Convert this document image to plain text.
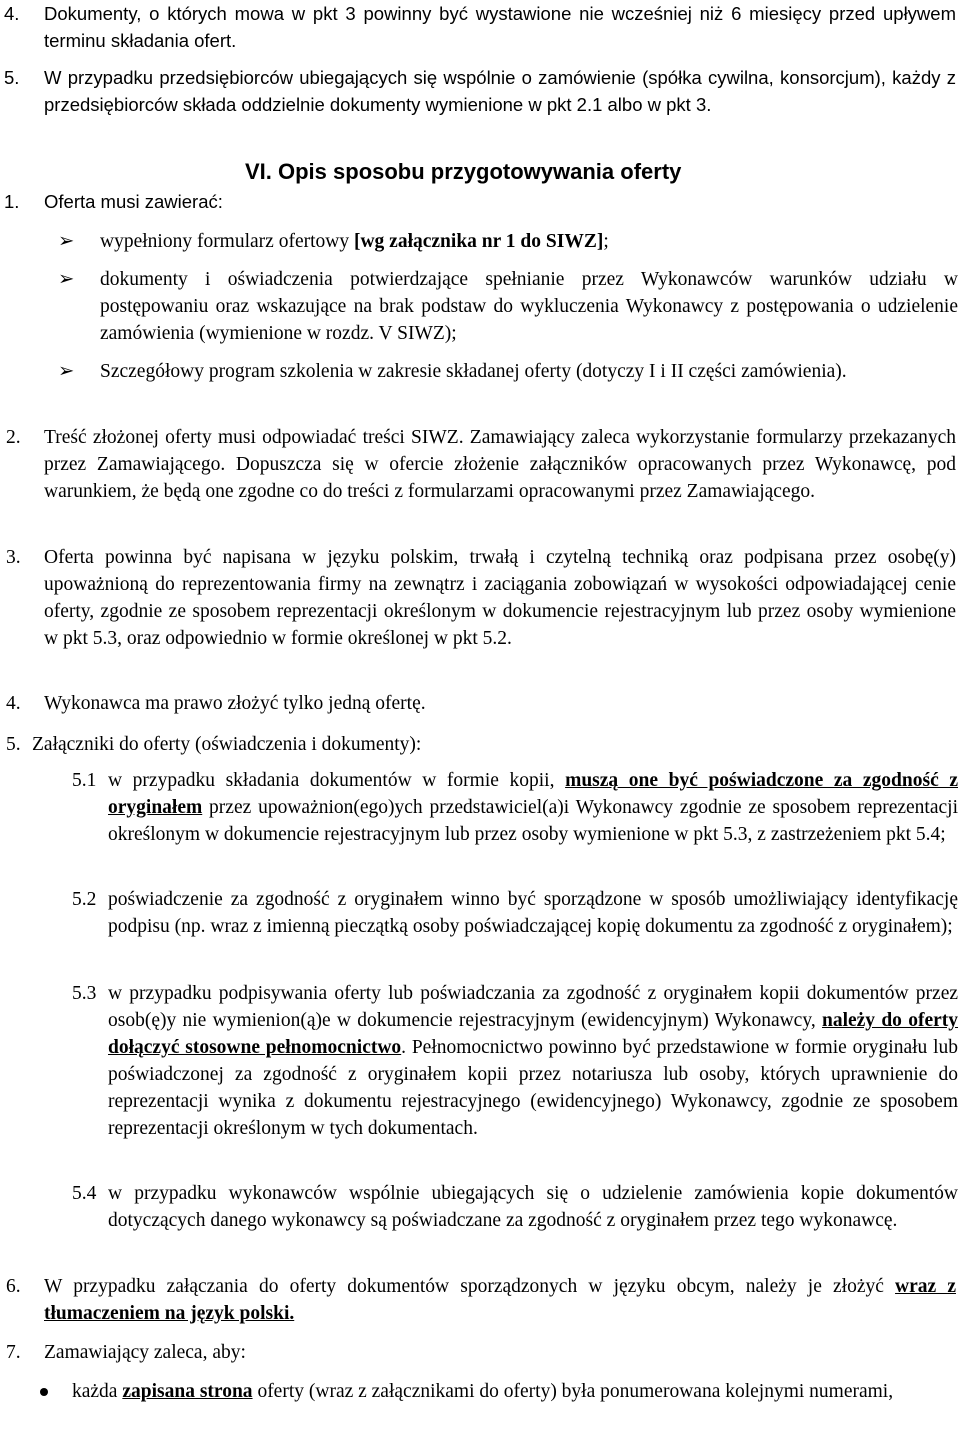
4. Dokumenty, o których mowa w pkt 3 powinny być wystawione nie wcześniej niż 6 miesięcy przed upływem terminu składania ofert.
5. W przypadku przedsiębiorców ubiegających się wspólnie o zamówienie (spółka cywilna, konsorcjum), każdy z przedsiębiorców składa oddzielnie dokumenty wymienione w pkt 2.1 albo w pkt 3.
VI. Opis sposobu przygotowywania oferty
1. Oferta musi zawierać:
➢ wypełniony formularz ofertowy [wg załącznika nr 1 do SIWZ];
➢ dokumenty i oświadczenia potwierdzające spełnianie przez Wykonawców warunków udziału w postępowaniu oraz wskazujące na brak podstaw do wykluczenia Wykonawcy z postępowania o udzielenie zamówienia (wymienione w rozdz. V SIWZ);
➢ Szczegółowy program szkolenia w zakresie składanej oferty (dotyczy I i II części zamówienia).
2. Treść złożonej oferty musi odpowiadać treści SIWZ. Zamawiający zaleca wykorzystanie formularzy przekazanych przez Zamawiającego. Dopuszcza się w ofercie złożenie załączników opracowanych przez Wykonawcę, pod warunkiem, że będą one zgodne co do treści z formularzami opracowanymi przez Zamawiającego.
3. Oferta powinna być napisana w języku polskim, trwałą i czytelną techniką oraz podpisana przez osobę(y) upoważnioną do reprezentowania firmy na zewnątrz i zaciągania zobowiązań w wysokości odpowiadającej cenie oferty, zgodnie ze sposobem reprezentacji określonym w dokumencie rejestracyjnym lub przez osoby wymienione w pkt 5.3, oraz odpowiednio w formie określonej w pkt 5.2.
4. Wykonawca ma prawo złożyć tylko jedną ofertę.
5. Załączniki do oferty (oświadczenia i dokumenty):
5.1 w przypadku składania dokumentów w formie kopii, muszą one być poświadczone za zgodność z oryginałem przez upoważnion(ego)ych przedstawiciel(a)i Wykonawcy zgodnie ze sposobem reprezentacji określonym w dokumencie rejestracyjnym lub przez osoby wymienione w pkt 5.3, z zastrzeżeniem pkt 5.4;
5.2 poświadczenie za zgodność z oryginałem winno być sporządzone w sposób umożliwiający identyfikację podpisu (np. wraz z imienną pieczątką osoby poświadczającej kopię dokumentu za zgodność z oryginałem);
5.3 w przypadku podpisywania oferty lub poświadczania za zgodność z oryginałem kopii dokumentów przez osob(ę)y nie wymienion(ą)e w dokumencie rejestracyjnym (ewidencyjnym) Wykonawcy, należy do oferty dołączyć stosowne pełnomocnictwo. Pełnomocnictwo powinno być przedstawione w formie oryginału lub poświadczonej za zgodność z oryginałem kopii przez notariusza lub osoby, których uprawnienie do reprezentacji wynika z dokumentu rejestracyjnego (ewidencyjnego) Wykonawcy, zgodnie ze sposobem reprezentacji określonym w tych dokumentach.
5.4 w przypadku wykonawców wspólnie ubiegających się o udzielenie zamówienia kopie dokumentów dotyczących danego wykonawcy są poświadczane za zgodność z oryginałem przez tego wykonawcę.
6. W przypadku załączania do oferty dokumentów sporządzonych w języku obcym, należy je złożyć wraz z tłumaczeniem na język polski.
7. Zamawiający zaleca, aby:
każda zapisana strona oferty (wraz z załącznikami do oferty) była ponumerowana kolejnymi numerami,
